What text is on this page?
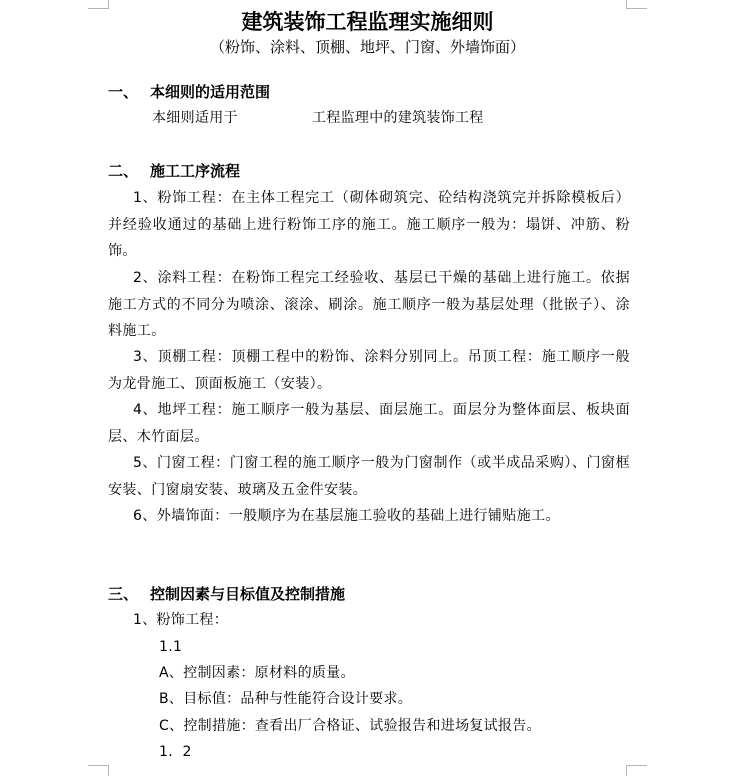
建筑装饰工程监理实施细则
（粉饰、涂料、顶棚、地坪、门窗、外墙饰面）
一、 本细则的适用范围
本细则适用于	工程监理中的建筑装饰工程
二、 施工工序流程
1、粉饰工程：在主体工程完工（砌体砌筑完、砼结构浇筑完并拆除模板后）并经验收通过的基础上进行粉饰工序的施工。施工顺序一般为：塌饼、冲筋、粉饰。
2、涂料工程：在粉饰工程完工经验收、基层已干燥的基础上进行施工。依据施工方式的不同分为喷涂、滚涂、刷涂。施工顺序一般为基层处理（批嵌子）、涂料施工。
3、顶棚工程：顶棚工程中的粉饰、涂料分别同上。吊顶工程：施工顺序一般为龙骨施工、顶面板施工（安装）。
4、地坪工程：施工顺序一般为基层、面层施工。面层分为整体面层、板块面层、木竹面层。
5、门窗工程：门窗工程的施工顺序一般为门窗制作（或半成品采购）、门窗框安装、门窗扇安装、玻璃及五金件安装。
6、外墙饰面：一般顺序为在基层施工验收的基础上进行铺贴施工。
三、 控制因素与目标值及控制措施
1、粉饰工程：
1.1
A、控制因素：原材料的质量。
B、目标值：品种与性能符合设计要求。
C、控制措施：查看出厂合格证、试验报告和进场复试报告。
1．2
